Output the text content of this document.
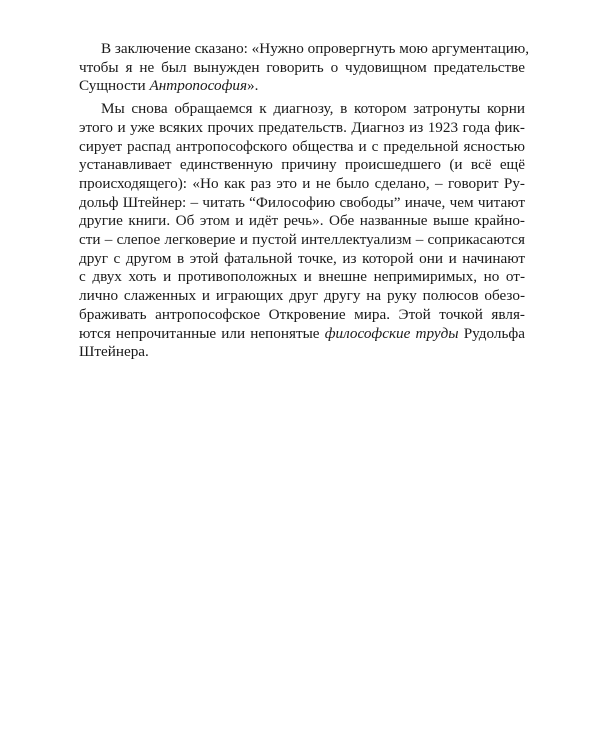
В заключение сказано: «Нужно опровергнуть мою аргументацию,
чтобы я не был вынужден говорить о чудовищном предательстве
Сущности Антропософия».

Мы снова обращаемся к диагнозу, в котором затронуты корни
этого и уже всяких прочих предательств. Диагноз из 1923 года фик-
сирует распад антропософского общества и с предельной ясностью
устанавливает единственную причину происшедшего (и всё ещё
происходящего): «Но как раз это и не было сделано, – говорит Ру-
дольф Штейнер: – читать “Философию свободы” иначе, чем читают
другие книги. Об этом и идёт речь». Обе названные выше крайно-
сти – слепое легковерие и пустой интеллектуализм – соприкасаются
друг с другом в этой фатальной точке, из которой они и начинают
с двух хоть и противоположных и внешне непримиримых, но от-
лично слаженных и играющих друг другу на руку полюсов обезо-
браживать антропософское Откровение мира. Этой точкой явля-
ются непрочитанные или непонятые философские труды Рудольфа
Штейнера.
